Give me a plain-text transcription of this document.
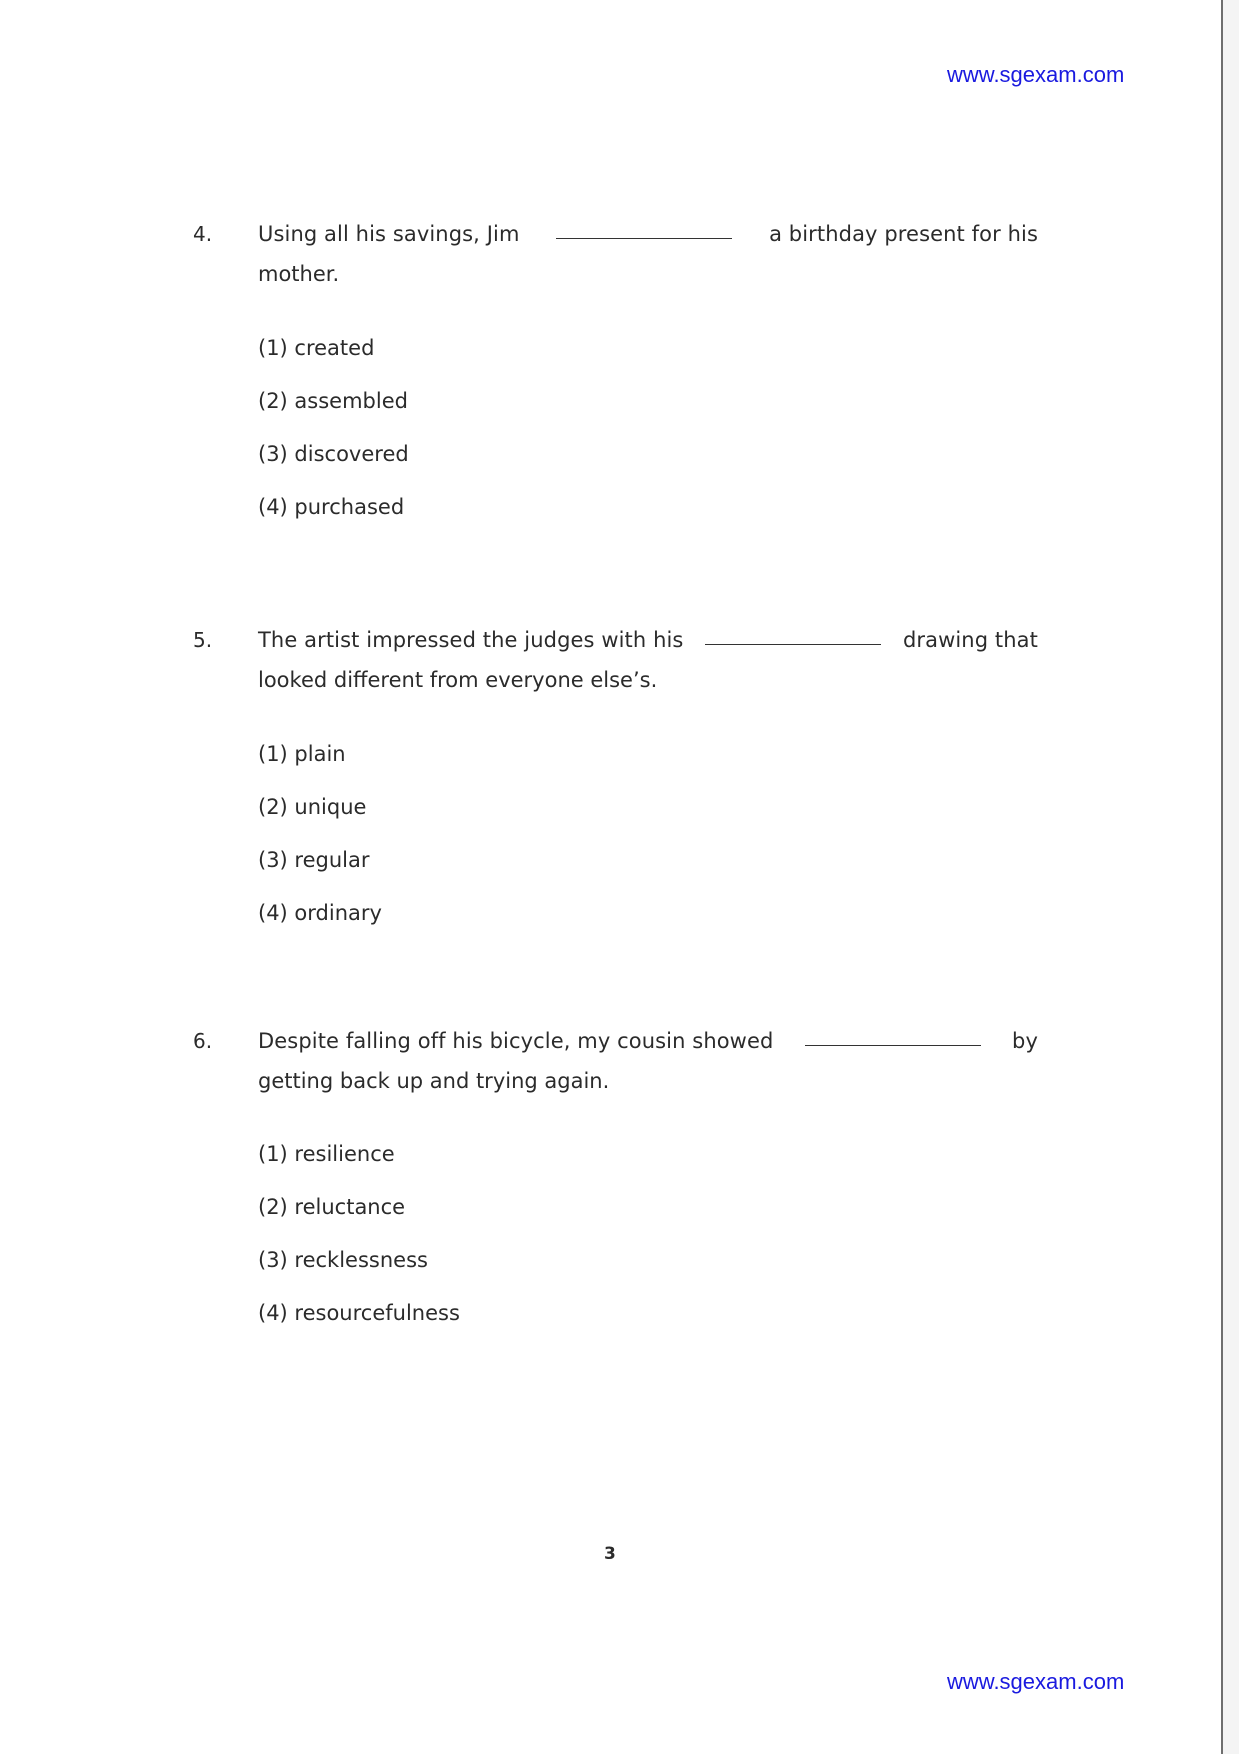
www.sgexam.com
4. Using all his savings, Jim	a birthday present for his
mother.
(1) created
(2) assembled
(3) discovered
(4) purchased
5. The artist impressed the judges with his	drawing that
looked different from everyone else’s.
(1) plain
(2) unique
(3) regular
(4) ordinary
6. Despite falling off his bicycle, my cousin showed	by
getting back up and trying again.
(1) resilience
(2) reluctance
(3) recklessness
(4) resourcefulness
3
www.sgexam.com
